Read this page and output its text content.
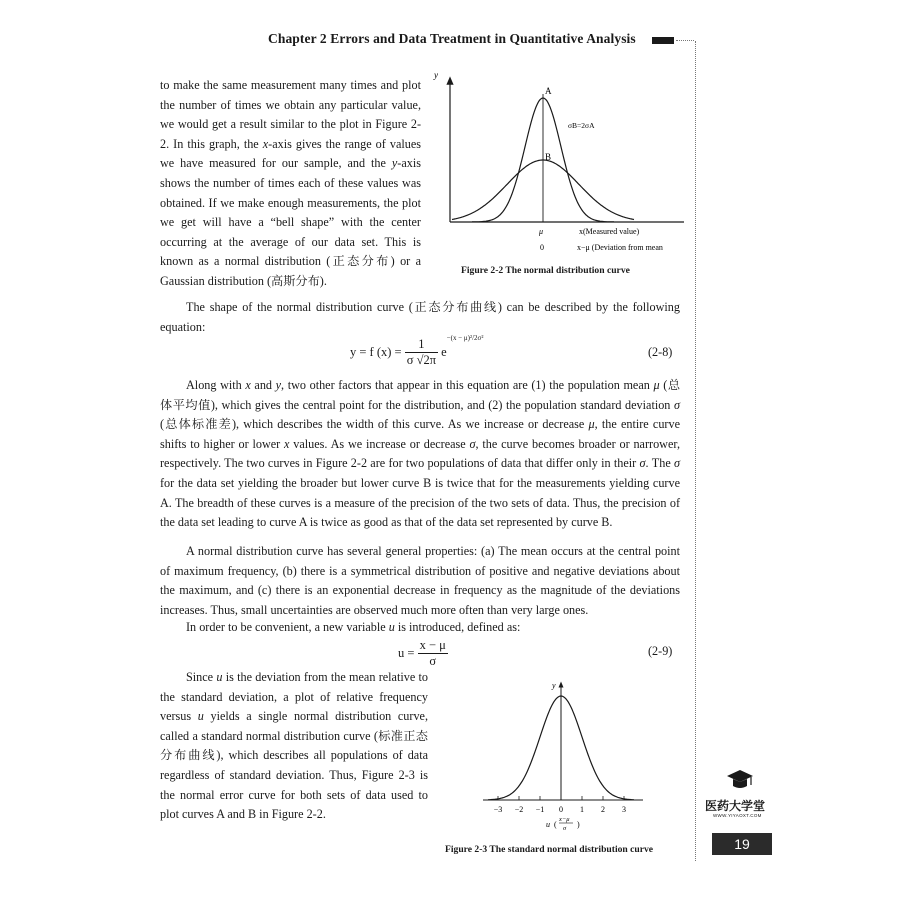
Chapter 2 Errors and Data Treatment in Quantitative Analysis
to make the same measurement many times and plot the number of times we obtain any particular value, we would get a result similar to the plot in Figure 2-2. In this graph, the x-axis gives the range of values we have measured for our sample, and the y-axis shows the number of times each of these values was obtained. If we make enough measurements, the plot we get will have a “bell shape” with the center occurring at the average of our data set. This is known as a normal distribution (正态分布) or a Gaussian distribution (高斯分布).
y
A
B
σB=2σA
μ	x(Measured value)
0	x−μ (Deviation from mean
Figure 2-2 The normal distribution curve
The shape of the normal distribution curve (正态分布曲线) can be described by the following equation:
y = f $(x) = \frac{1}{\sigma √2\pi} e^{-(x - \mu)^2/2\sigma^2}$
(2-8)
Along with x and y, two other factors that appear in this equation are (1) the population mean μ (总体平均值), which gives the central point for the distribution, and (2) the population standard deviation σ (总体标准差), which describes the width of this curve. As we increase or decrease μ, the entire curve shifts to higher or lower x values. As we increase or decrease σ, the curve becomes broader or narrower, respectively. The two curves in Figure 2-2 are for two populations of data that differ only in their σ. The σ for the data set yielding the broader but lower curve B is twice that for the measurements yielding curve A. The breadth of these curves is a measure of the precision of the two sets of data. Thus, the precision of the data set leading to curve A is twice as good as that of the data set represented by curve B.
A normal distribution curve has several general properties: (a) The mean occurs at the central point of maximum frequency, (b) there is a symmetrical distribution of positive and negative deviations about the maximum, and (c) there is an exponential decrease in frequency as the magnitude of the deviations increases. Thus, small uncertainties are observed much more often than very large ones.
In order to be convenient, a new variable u is introduced, defined as:
$u = \frac{x - \mu}{\sigma}$	(2-9)
Since u is the deviation from the mean relative to the standard deviation, a plot of relative frequency versus u yields a single normal distribution curve, called a standard normal distribution curve (标准正态分布曲线), which describes all populations of data regardless of standard deviation. Thus, Figure 2-3 is the normal error curve for both sets of data used to plot curves A and B in Figure 2-2.	−3 −2 −1 0 1 2 3
y
u (
x−μ
σ )
Figure 2-3 The standard normal distribution curve
医药大学堂
WWW.YIYAOXT.COM
19
